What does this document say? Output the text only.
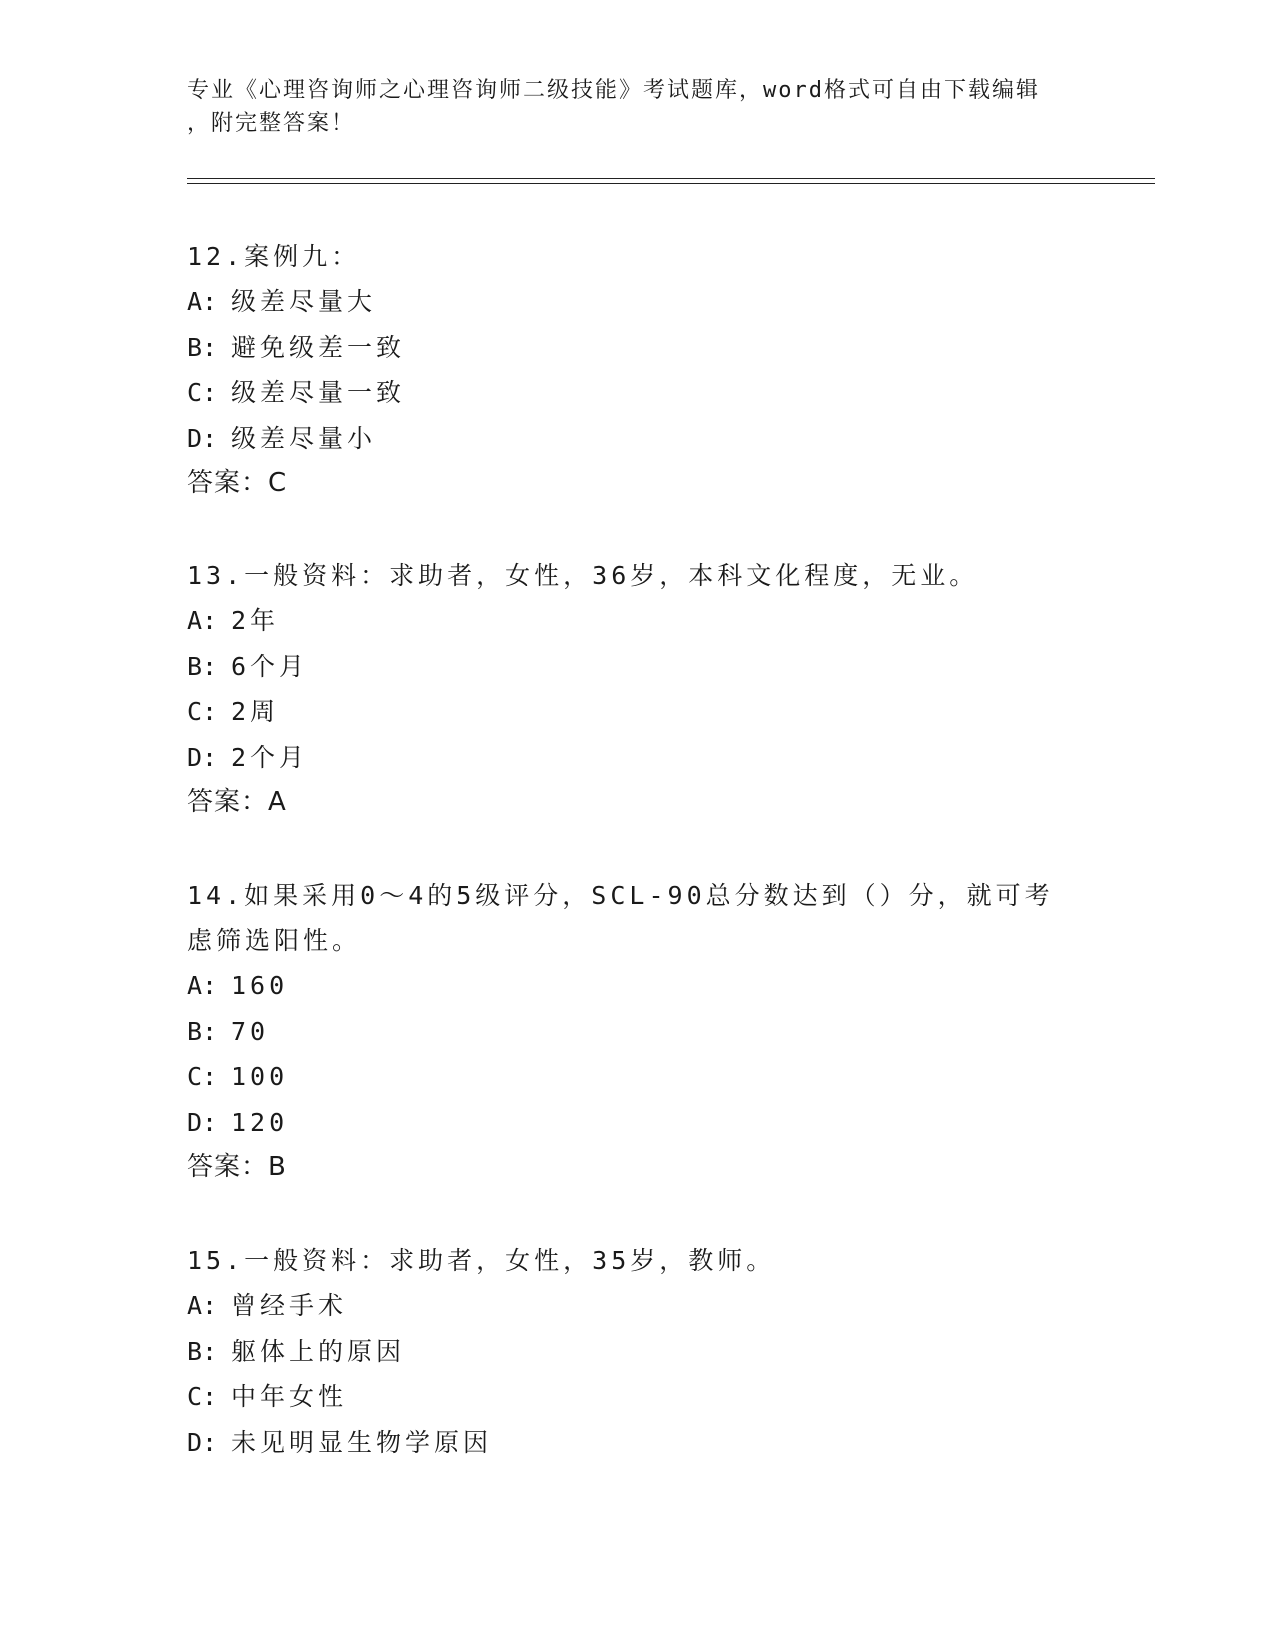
专业《心理咨询师之心理咨询师二级技能》考试题库，word格式可自由下载编辑
，附完整答案！
12.案例九：
A: 级差尽量大
B: 避免级差一致
C: 级差尽量一致
D: 级差尽量小
答案：C
13.一般资料：求助者，女性，36岁，本科文化程度，无业。
A: 2年
B: 6个月
C: 2周
D: 2个月
答案：A
14.如果采用0～4的5级评分，SCL-90总分数达到（）分，就可考虑筛选阳性。
A: 160
B: 70
C: 100
D: 120
答案：B
15.一般资料：求助者，女性，35岁，教师。
A: 曾经手术
B: 躯体上的原因
C: 中年女性
D: 未见明显生物学原因
